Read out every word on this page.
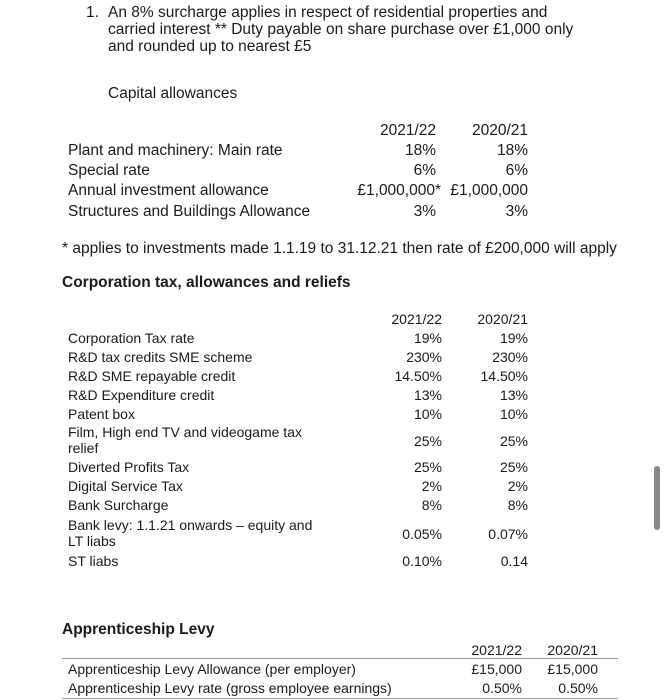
1. An 8% surcharge applies in respect of residential properties and
carried interest ** Duty payable on share purchase over £1,000 only
and rounded up to nearest £5
Capital allowances
2021/22	2020/21
Plant and machinery: Main rate	18%	18%
Special rate	6%	6%
Annual investment allowance	£1,000,000* £1,000,000
Structures and Buildings Allowance	3%	3%
* applies to investments made 1.1.19 to 31.12.21 then rate of £200,000 will apply
Corporation tax, allowances and reliefs
2021/22	2020/21
Corporation Tax rate	19%	19%
R&D tax credits SME scheme	230%	230%
R&D SME repayable credit	14.50%	14.50%
R&D Expenditure credit	13%	13%
Patent box	10%	10%
Film, High end TV and videogame tax
relief	25%	25%
Diverted Profits Tax	25%	25%
Digital Service Tax	2%	2%
Bank Surcharge	8%	8%
Bank levy: 1.1.21 onwards – equity and
LT liabs	0.05%	0.07%
ST liabs	0.10%	0.14
Apprenticeship Levy
2021/22	2020/21
Apprenticeship Levy Allowance (per employer)	£15,000	£15,000
Apprenticeship Levy rate (gross employee earnings)	0.50%	0.50%
